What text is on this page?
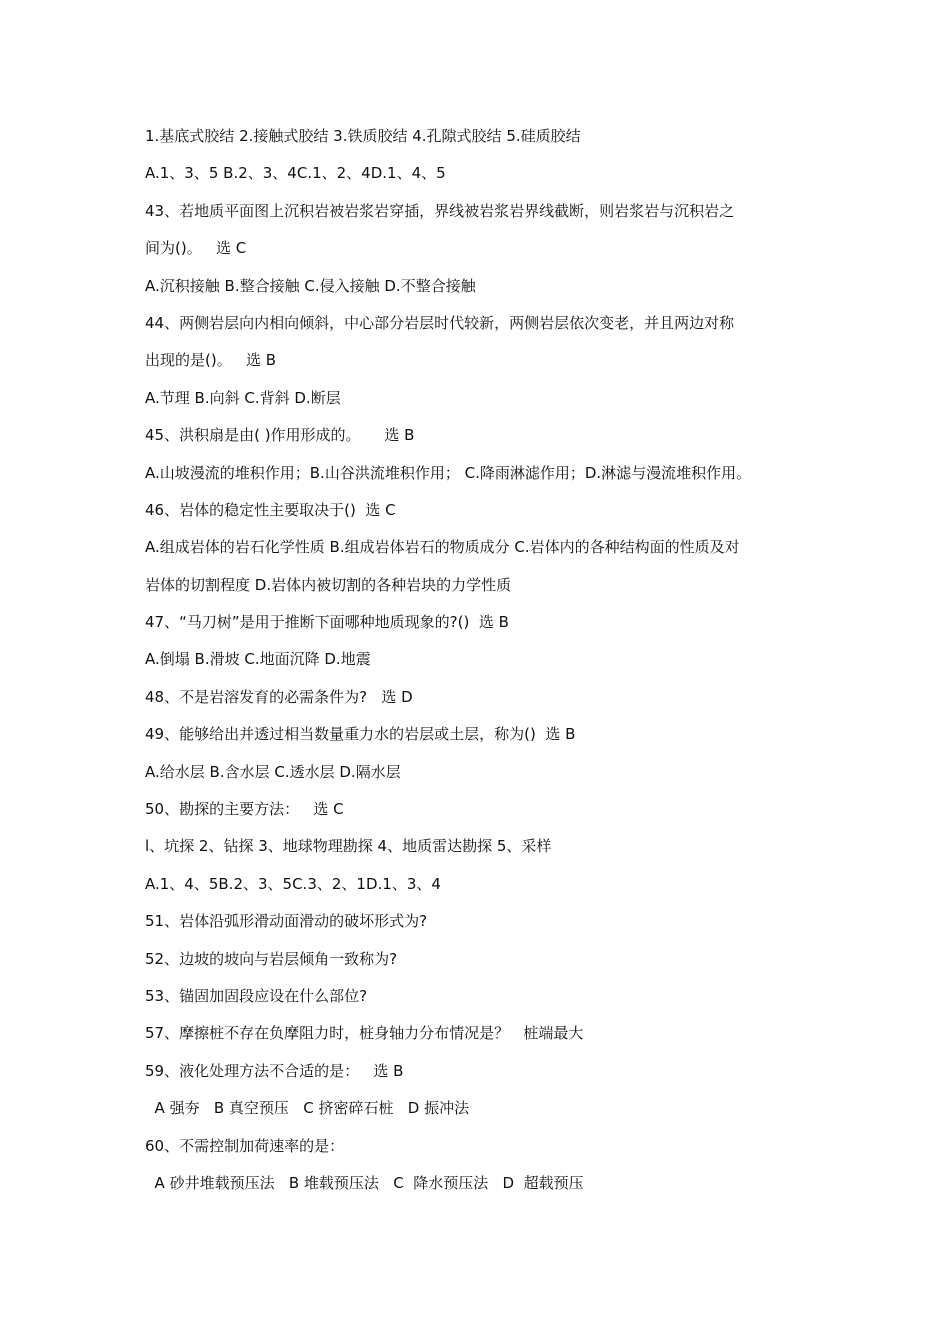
1.基底式胶结 2.接触式胶结 3.铁质胶结 4.孔隙式胶结 5.硅质胶结
A.1、3、5 B.2、3、4C.1、2、4D.1、4、5
43、若地质平面图上沉积岩被岩浆岩穿插，界线被岩浆岩界线截断，则岩浆岩与沉积岩之
间为()。   选 C
A.沉积接触 B.整合接触 C.侵入接触 D.不整合接触
44、两侧岩层向内相向倾斜，中心部分岩层时代较新，两侧岩层依次变老，并且两边对称
出现的是()。   选 B
A.节理 B.向斜 C.背斜 D.断层
45、洪积扇是由( )作用形成的。     选 B
A.山坡漫流的堆积作用；B.山谷洪流堆积作用； C.降雨淋滤作用；D.淋滤与漫流堆积作用。
46、岩体的稳定性主要取决于()  选 C
A.组成岩体的岩石化学性质 B.组成岩体岩石的物质成分 C.岩体内的各种结构面的性质及对
岩体的切割程度 D.岩体内被切割的各种岩块的力学性质
47、“马刀树”是用于推断下面哪种地质现象的?()  选 B
A.倒塌 B.滑坡 C.地面沉降 D.地震
48、不是岩溶发育的必需条件为?   选 D
49、能够给出并透过相当数量重力水的岩层或土层，称为()  选 B
A.给水层 B.含水层 C.透水层 D.隔水层
50、勘探的主要方法：   选 C
l、坑探 2、钻探 3、地球物理勘探 4、地质雷达勘探 5、采样
A.1、4、5B.2、3、5C.3、2、1D.1、3、4
51、岩体沿弧形滑动面滑动的破坏形式为?
52、边坡的坡向与岩层倾角一致称为?
53、锚固加固段应设在什么部位?
57、摩擦桩不存在负摩阻力时，桩身轴力分布情况是？   桩端最大
59、液化处理方法不合适的是：   选 B
A 强夯   B 真空预压   C 挤密碎石桩   D 振冲法
60、不需控制加荷速率的是：
A 砂井堆载预压法   B 堆载预压法   C  降水预压法   D  超载预压
